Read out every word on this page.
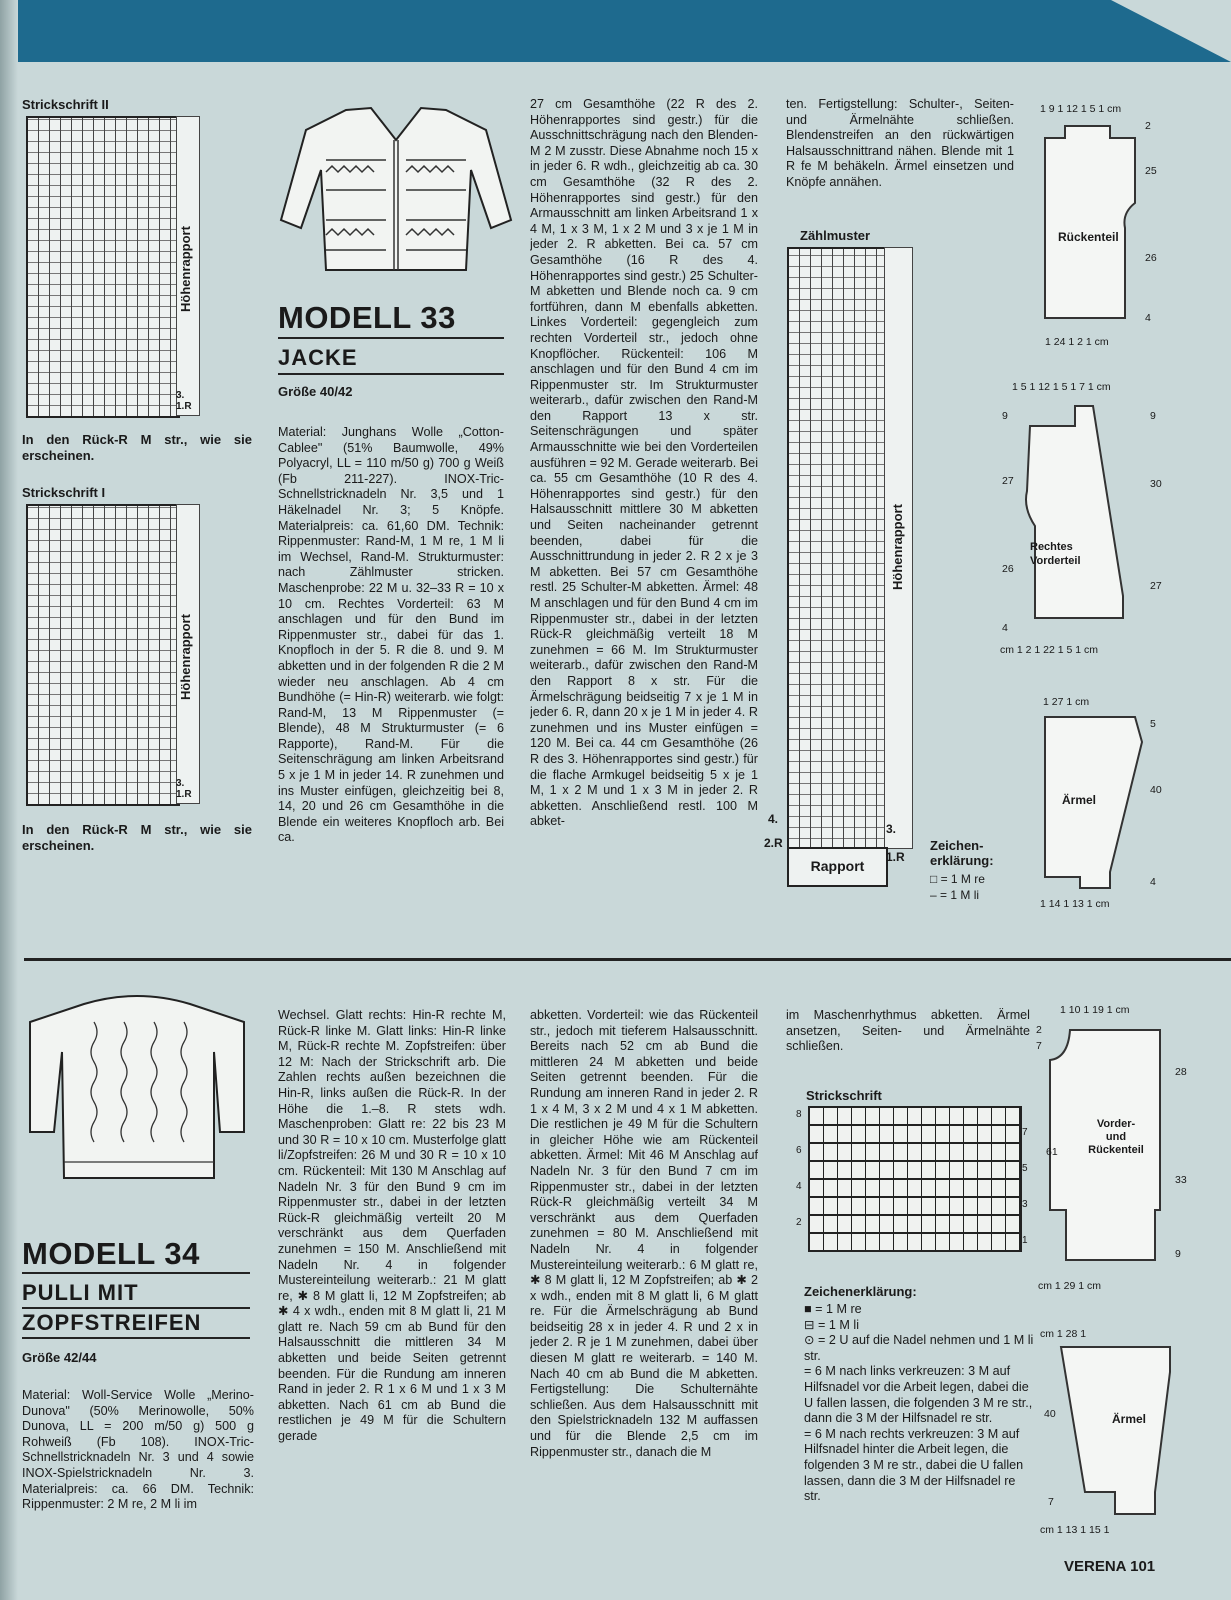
Strickschrift II
Höhenrapport
3.
1.R
In den Rück-R M str., wie sie erscheinen.
Strickschrift I
Höhenrapport
3.
1.R
In den Rück-R M str., wie sie erscheinen.
MODELL 33
JACKE
Größe 40/42
Material: Junghans Wolle „Cotton-Cablee" (51% Baumwolle, 49% Polyacryl, LL = 110 m/50 g) 700 g Weiß (Fb 211-227). INOX-Tric-Schnellstricknadeln Nr. 3,5 und 1 Häkelnadel Nr. 3; 5 Knöpfe. Materialpreis: ca. 61,60 DM. Technik: Rippenmuster: Rand-M, 1 M re, 1 M li im Wechsel, Rand-M. Strukturmuster: nach Zählmuster stricken. Maschenprobe: 22 M u. 32–33 R = 10 x 10 cm. Rechtes Vorderteil: 63 M anschlagen und für den Bund im Rippenmuster str., dabei für das 1. Knopfloch in der 5. R die 8. und 9. M abketten und in der folgenden R die 2 M wieder neu anschlagen. Ab 4 cm Bundhöhe (= Hin-R) weiterarb. wie folgt: Rand-M, 13 M Rippenmuster (= Blende), 48 M Strukturmuster (= 6 Rapporte), Rand-M. Für die Seitenschrägung am linken Arbeitsrand 5 x je 1 M in jeder 14. R zunehmen und ins Muster einfügen, gleichzeitig bei 8, 14, 20 und 26 cm Gesamthöhe in die Blende ein weiteres Knopfloch arb. Bei ca.
27 cm Gesamthöhe (22 R des 2. Höhenrapportes sind gestr.) für die Ausschnittschrägung nach den Blenden-M 2 M zusstr. Diese Abnahme noch 15 x in jeder 6. R wdh., gleichzeitig ab ca. 30 cm Gesamthöhe (32 R des 2. Höhenrapportes sind gestr.) für den Armausschnitt am linken Arbeitsrand 1 x 4 M, 1 x 3 M, 1 x 2 M und 3 x je 1 M in jeder 2. R abketten. Bei ca. 57 cm Gesamthöhe (16 R des 4. Höhenrapportes sind gestr.) 25 Schulter-M abketten und Blende noch ca. 9 cm fortführen, dann M ebenfalls abketten. Linkes Vorderteil: gegengleich zum rechten Vorderteil str., jedoch ohne Knopflöcher. Rückenteil: 106 M anschlagen und für den Bund 4 cm im Rippenmuster str. Im Strukturmuster weiterarb., dafür zwischen den Rand-M den Rapport 13 x str. Seitenschrägungen und später Armausschnitte wie bei den Vorderteilen ausführen = 92 M. Gerade weiterarb. Bei ca. 55 cm Gesamthöhe (10 R des 4. Höhenrapportes sind gestr.) für den Halsausschnitt mittlere 30 M abketten und Seiten nacheinander getrennt beenden, dabei für die Ausschnittrundung in jeder 2. R 2 x je 3 M abketten. Bei 57 cm Gesamthöhe restl. 25 Schulter-M abketten. Ärmel: 48 M anschlagen und für den Bund 4 cm im Rippenmuster str., dabei in der letzten Rück-R gleichmäßig verteilt 18 M zunehmen = 66 M. Im Strukturmuster weiterarb., dafür zwischen den Rand-M den Rapport 8 x str. Für die Ärmelschrägung beidseitig 7 x je 1 M in jeder 6. R, dann 20 x je 1 M in jeder 4. R zunehmen und ins Muster einfügen = 120 M. Bei ca. 44 cm Gesamthöhe (26 R des 3. Höhenrapportes sind gestr.) für die flache Armkugel beidseitig 5 x je 1 M, 1 x 2 M und 1 x 3 M in jeder 2. R abketten. Anschließend restl. 100 M abket-
ten. Fertigstellung: Schulter-, Seiten- und Ärmelnähte schließen. Blendenstreifen an den rückwärtigen Halsausschnittrand nähen. Blende mit 1 R fe M behäkeln. Ärmel einsetzen und Knöpfe annähen.
Zählmuster
Höhenrapport
Rapport
4.
2.R
3.
1.R
Zeichen-erklärung:
□ = 1 M re
– = 1 M li
1 9 1 12 1 5 1 cm
Rückenteil
2
25
26
4
1 24 1 2 1 cm
1 5 1 12 1 5 1 7 1 cm
Rechtes Vorderteil
9	9
27	30
26
27
4
cm 1 2 1 22 1 5 1 cm
1 27 1 cm
Ärmel
5
40
4
1 14 1 13 1 cm
MODELL 34
PULLI MIT
ZOPFSTREIFEN
Größe 42/44
Material: Woll-Service Wolle „Merino-Dunova" (50% Merinowolle, 50% Dunova, LL = 200 m/50 g) 500 g Rohweiß (Fb 108). INOX-Tric-Schnellstricknadeln Nr. 3 und 4 sowie INOX-Spielstricknadeln Nr. 3. Materialpreis: ca. 66 DM. Technik: Rippenmuster: 2 M re, 2 M li im
Wechsel. Glatt rechts: Hin-R rechte M, Rück-R linke M. Glatt links: Hin-R linke M, Rück-R rechte M. Zopfstreifen: über 12 M: Nach der Strickschrift arb. Die Zahlen rechts außen bezeichnen die Hin-R, links außen die Rück-R. In der Höhe die 1.–8. R stets wdh. Maschenproben: Glatt re: 22 bis 23 M und 30 R = 10 x 10 cm. Musterfolge glatt li/Zopfstreifen: 26 M und 30 R = 10 x 10 cm. Rückenteil: Mit 130 M Anschlag auf Nadeln Nr. 3 für den Bund 9 cm im Rippenmuster str., dabei in der letzten Rück-R gleichmäßig verteilt 20 M verschränkt aus dem Querfaden zunehmen = 150 M. Anschließend mit Nadeln Nr. 4 in folgender Mustereinteilung weiterarb.: 21 M glatt re, ✱ 8 M glatt li, 12 M Zopfstreifen; ab ✱ 4 x wdh., enden mit 8 M glatt li, 21 M glatt re. Nach 59 cm ab Bund für den Halsausschnitt die mittleren 34 M abketten und beide Seiten getrennt beenden. Für die Rundung am inneren Rand in jeder 2. R 1 x 6 M und 1 x 3 M abketten. Nach 61 cm ab Bund die restlichen je 49 M für die Schultern gerade
abketten. Vorderteil: wie das Rückenteil str., jedoch mit tieferem Halsausschnitt. Bereits nach 52 cm ab Bund die mittleren 24 M abketten und beide Seiten getrennt beenden. Für die Rundung am inneren Rand in jeder 2. R 1 x 4 M, 3 x 2 M und 4 x 1 M abketten. Die restlichen je 49 M für die Schultern in gleicher Höhe wie am Rückenteil abketten. Ärmel: Mit 46 M Anschlag auf Nadeln Nr. 3 für den Bund 7 cm im Rippenmuster str., dabei in der letzten Rück-R gleichmäßig verteilt 34 M verschränkt aus dem Querfaden zunehmen = 80 M. Anschließend mit Nadeln Nr. 4 in folgender Mustereinteilung weiterarb.: 6 M glatt re, ✱ 8 M glatt li, 12 M Zopfstreifen; ab ✱ 2 x wdh., enden mit 8 M glatt li, 6 M glatt re. Für die Ärmelschrägung ab Bund beidseitig 28 x in jeder 4. R und 2 x in jeder 2. R je 1 M zunehmen, dabei über diesen M glatt re weiterarb. = 140 M. Nach 40 cm ab Bund die M abketten. Fertigstellung: Die Schulternähte schließen. Aus dem Halsausschnitt mit den Spielstricknadeln 132 M auffassen und für die Blende 2,5 cm im Rippenmuster str., danach die M
im Maschenrhythmus abketten. Ärmel ansetzen, Seiten- und Ärmelnähte schließen.
Strickschrift
8

6

4

2
7

5

3

1
Zeichenerklärung:
■ = 1 M re
⊟ = 1 M li
⊙ = 2 U auf die Nadel nehmen und 1 M li str.
= 6 M nach links verkreuzen: 3 M auf Hilfsnadel vor die Arbeit legen, dabei die U fallen lassen, die folgenden 3 M re str., dann die 3 M der Hilfsnadel re str.
= 6 M nach rechts verkreuzen: 3 M auf Hilfsnadel hinter die Arbeit legen, die folgenden 3 M re str., dabei die U fallen lassen, dann die 3 M der Hilfsnadel re str.
1 10 1 19 1 cm
Vorder- und Rückenteil
2
7
28
61
33
9
cm 1 29 1 cm
cm 1 28 1
Ärmel
40
7
cm 1 13 1 15 1
VERENA 101
